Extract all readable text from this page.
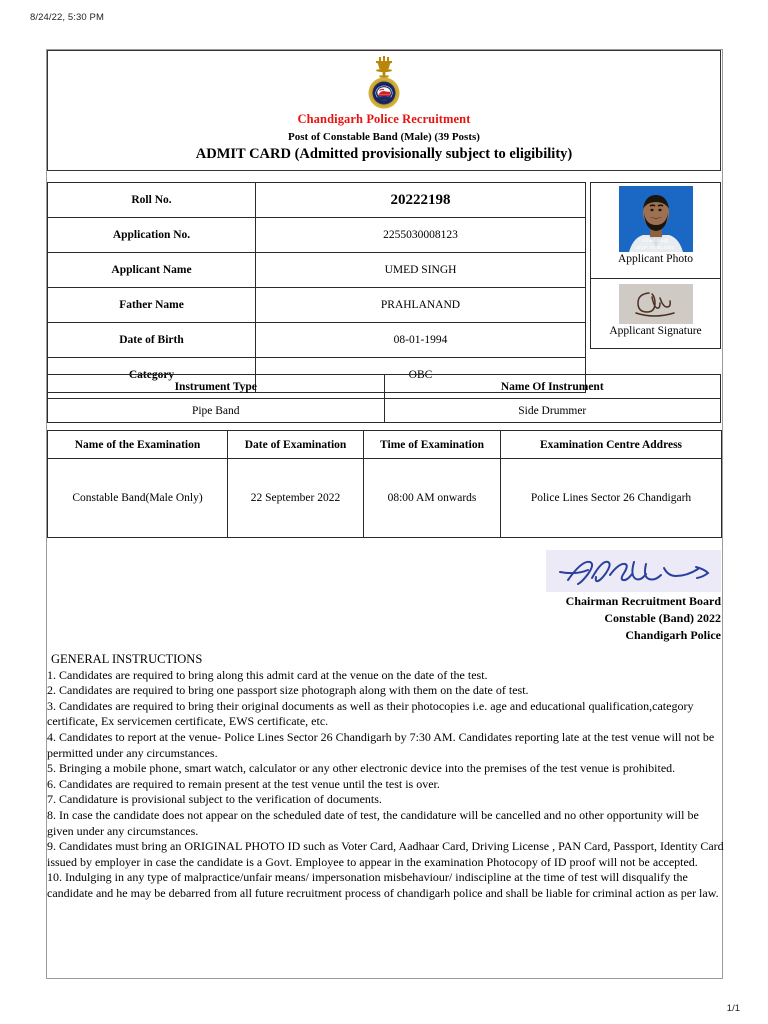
8/24/22, 5:30 PM
Chandigarh Police Recruitment
Post of Constable Band (Male) (39 Posts)
ADMIT CARD (Admitted provisionally subject to eligibility)
Roll No.	20222198
Application No.	2255030008123
Applicant Name	UMED SINGH
Father Name	PRAHLANAND
Date of Birth	08-01-1994
Category	OBC
Umed Singh
DOP: 01.06.2022
Applicant Photo
Applicant Signature
Instrument Type	Name Of Instrument
Pipe Band	Side Drummer
Name of the Examination	Date of Examination	Time of Examination	Examination Centre Address
Constable Band(Male Only)	22 September 2022	08:00 AM onwards	Police Lines Sector 26 Chandigarh
Chairman Recruitment Board
Constable (Band) 2022
Chandigarh Police
GENERAL INSTRUCTIONS
1. Candidates are required to bring along this admit card at the venue on the date of the test.
2. Candidates are required to bring one passport size photograph along with them on the date of test.
3. Candidates are required to bring their original documents as well as their photocopies i.e. age and educational qualification,category certificate, Ex servicemen certificate, EWS certificate, etc.
4. Candidates to report at the venue- Police Lines Sector 26 Chandigarh by 7:30 AM. Candidates reporting late at the test venue will not be permitted under any circumstances.
5. Bringing a mobile phone, smart watch, calculator or any other electronic device into the premises of the test venue is prohibited.
6. Candidates are required to remain present at the test venue until the test is over.
7. Candidature is provisional subject to the verification of documents.
8. In case the candidate does not appear on the scheduled date of test, the candidature will be cancelled and no other opportunity will be given under any circumstances.
9. Candidates must bring an ORIGINAL PHOTO ID such as Voter Card, Aadhaar Card, Driving License , PAN Card, Passport, Identity Card issued by employer in case the candidate is a Govt. Employee to appear in the examination Photocopy of ID proof will not be accepted.
10. Indulging in any type of malpractice/unfair means/ impersonation misbehaviour/ indiscipline at the time of test will disqualify the candidate and he may be debarred from all future recruitment process of chandigarh police and shall be liable for criminal action as per law.
1/1
